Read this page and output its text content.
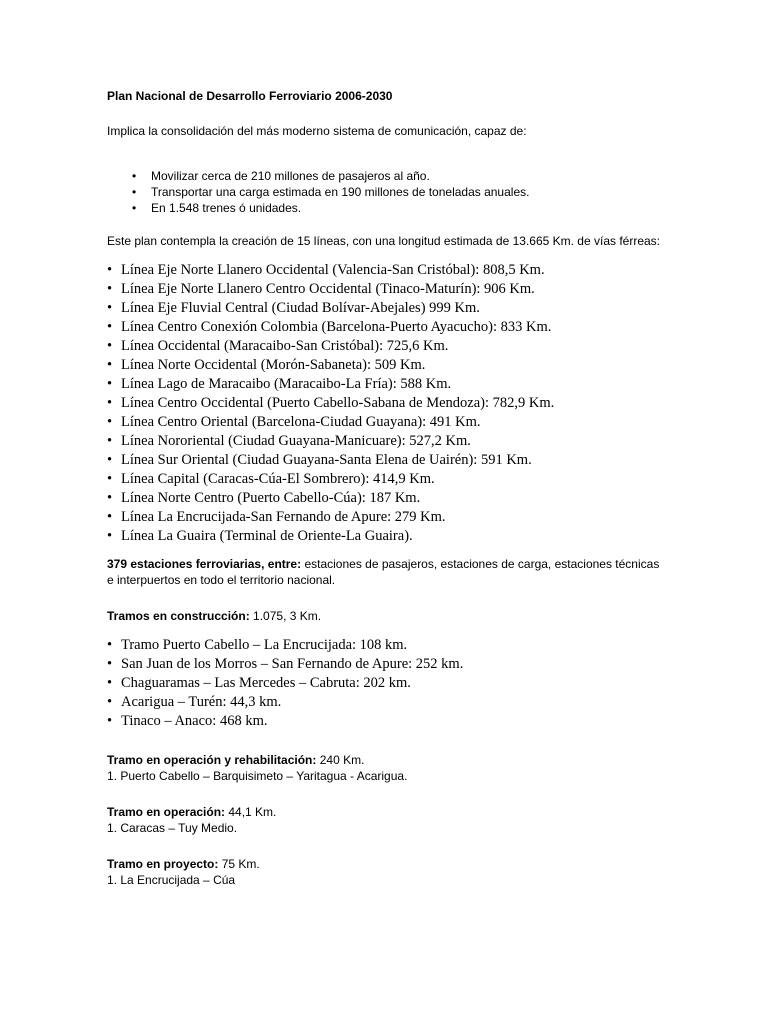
Plan Nacional de Desarrollo Ferroviario 2006-2030

Implica la consolidación del más moderno sistema de comunicación, capaz de:

• Movilizar cerca de 210 millones de pasajeros al año.
• Transportar una carga estimada en 190 millones de toneladas anuales.
• En 1.548 trenes ó unidades.

Este plan contempla la creación de 15 líneas, con una longitud estimada de 13.665 Km. de vías férreas:

• Línea Eje Norte Llanero Occidental (Valencia-San Cristóbal): 808,5 Km.
• Línea Eje Norte Llanero Centro Occidental (Tinaco-Maturín): 906 Km.
• Línea Eje Fluvial Central (Ciudad Bolívar-Abejales) 999 Km.
• Línea Centro Conexión Colombia (Barcelona-Puerto Ayacucho): 833 Km.
• Línea Occidental (Maracaibo-San Cristóbal): 725,6 Km.
• Línea Norte Occidental (Morón-Sabaneta): 509 Km.
• Línea Lago de Maracaibo (Maracaibo-La Fría): 588 Km.
• Línea Centro Occidental (Puerto Cabello-Sabana de Mendoza): 782,9 Km.
• Línea Centro Oriental (Barcelona-Ciudad Guayana): 491 Km.
• Línea Nororiental (Ciudad Guayana-Manicuare): 527,2 Km.
• Línea Sur Oriental (Ciudad Guayana-Santa Elena de Uairén): 591 Km.
• Línea Capital (Caracas-Cúa-El Sombrero): 414,9 Km.
• Línea Norte Centro (Puerto Cabello-Cúa): 187 Km.
• Línea La Encrucijada-San Fernando de Apure: 279 Km.
• Línea La Guaira (Terminal de Oriente-La Guaira).

379 estaciones ferroviarias, entre: estaciones de pasajeros, estaciones de carga, estaciones técnicas e interpuertos en todo el territorio nacional.

Tramos en construcción: 1.075, 3 Km.

• Tramo Puerto Cabello – La Encrucijada: 108 km.
• San Juan de los Morros – San Fernando de Apure: 252 km.
• Chaguaramas – Las Mercedes – Cabruta: 202 km.
• Acarigua – Turén: 44,3 km.
• Tinaco – Anaco: 468 km.

Tramo en operación y rehabilitación: 240 Km.

1. Puerto Cabello – Barquisimeto – Yaritagua - Acarigua.

Tramo en operación: 44,1 Km.

1. Caracas – Tuy Medio.

Tramo en proyecto: 75 Km.

1. La Encrucijada – Cúa
